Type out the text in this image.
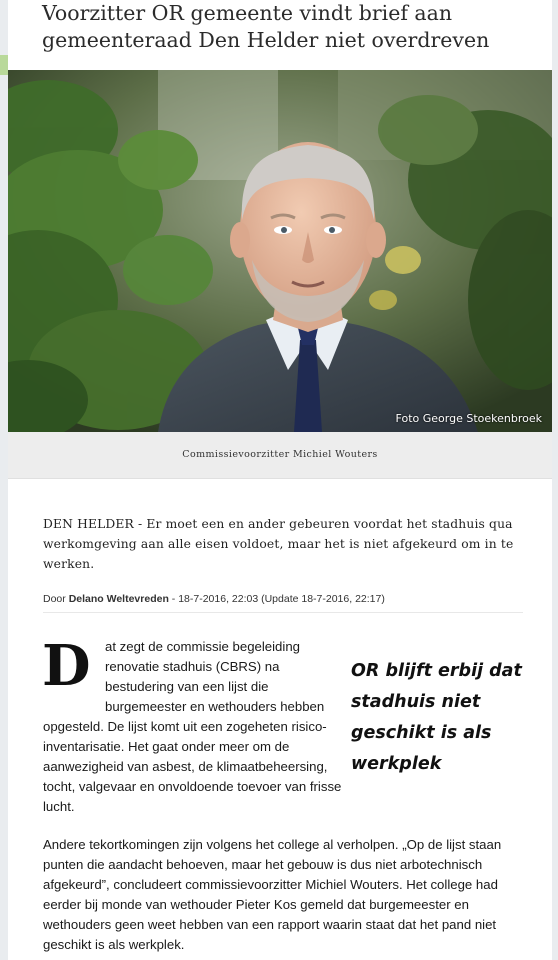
Voorzitter OR gemeente vindt brief aan gemeenteraad Den Helder niet overdreven
Foto George Stoekenbroek
Commissievoorzitter Michiel Wouters
DEN HELDER - Er moet een en ander gebeuren voordat het stadhuis qua werkomgeving aan alle eisen voldoet, maar het is niet afgekeurd om in te werken.
Door Delano Weltevreden - 18-7-2016, 22:03 (Update 18-7-2016, 22:17)
D at zegt de commissie begeleiding renovatie stadhuis (CBRS) na bestudering van een lijst die burgemeester en wethouders hebben
opgesteld. De lijst komt uit een zogeheten risico-inventarisatie. Het gaat onder meer om de aanwezigheid van asbest, de klimaatbeheersing, tocht, valgevaar en onvoldoende toevoer van frisse lucht.
OR blijft erbij dat stadhuis niet geschikt is als werkplek
Andere tekortkomingen zijn volgens het college al verholpen. „Op de lijst staan punten die aandacht behoeven, maar het gebouw is dus niet arbotechnisch afgekeurd”, concludeert commissievoorzitter Michiel Wouters. Het college had eerder bij monde van wethouder Pieter Kos gemeld dat burgemeester en wethouders geen weet hebben van een rapport waarin staat dat het pand niet geschikt is als werkplek.
